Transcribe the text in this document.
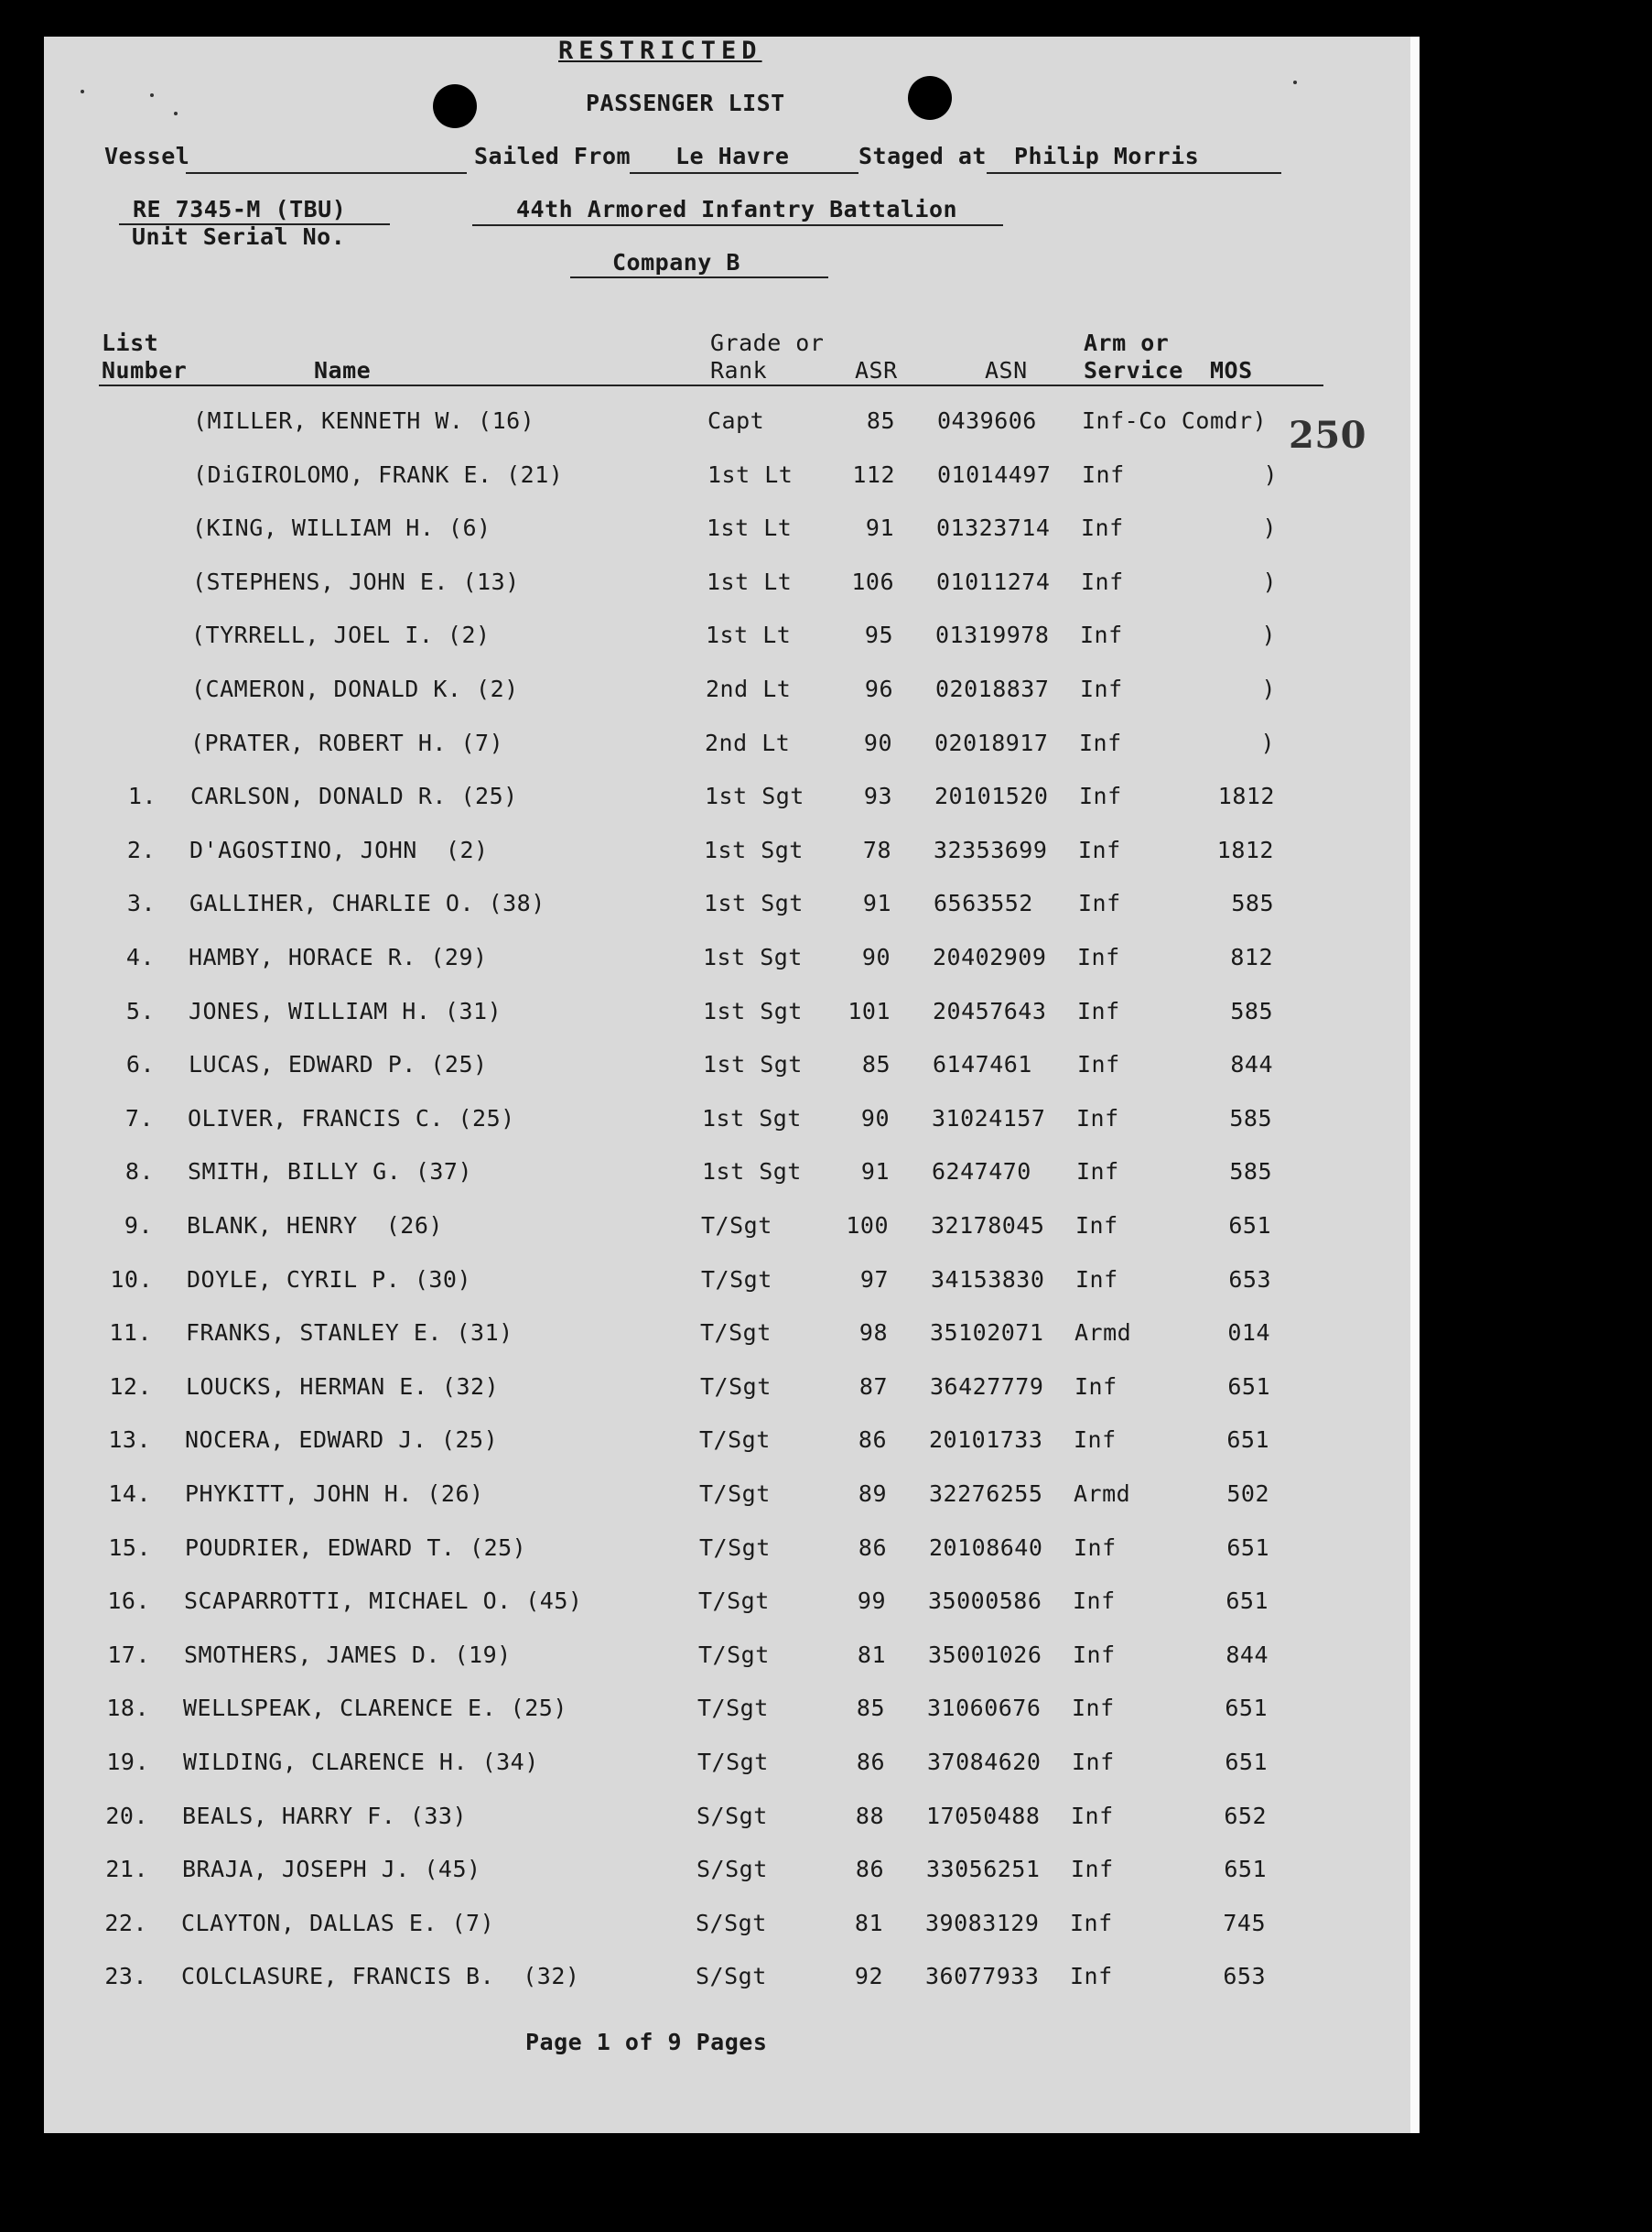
RESTRICTED
PASSENGER LIST
Vessel	Sailed From Le Havre	Staged at Philip Morris
RE 7345-M (TBU)
Unit Serial No.
44th Armored Infantry Battalion
Company B
List
Number	Name
Grade or
Rank	ASR	ASN
Arm or
Service MOS
250
(MILLER, KENNETH W. (16)	Capt	85 0439606 Inf-Co Comdr)
(DiGIROLOMO, FRANK E. (21)	1st Lt	112 01014497 Inf	)
(KING, WILLIAM H. (6)	1st Lt	91 01323714 Inf	)
(STEPHENS, JOHN E. (13)	1st Lt	106 01011274 Inf	)
(TYRRELL, JOEL I. (2)	1st Lt	95 01319978 Inf	)
(CAMERON, DONALD K. (2)	2nd Lt	96 02018837 Inf	)
(PRATER, ROBERT H. (7)	2nd Lt	90 02018917 Inf	)
1. CARLSON, DONALD R. (25)	1st Sgt	93 20101520 Inf	1812
2. D'AGOSTINO, JOHN  (2)	1st Sgt	78 32353699 Inf	1812
3. GALLIHER, CHARLIE O. (38)	1st Sgt	91 6563552 Inf	585
4. HAMBY, HORACE R. (29)	1st Sgt	90 20402909 Inf	812
5. JONES, WILLIAM H. (31)	1st Sgt	101 20457643 Inf	585
6. LUCAS, EDWARD P. (25)	1st Sgt	85 6147461 Inf	844
7. OLIVER, FRANCIS C. (25)	1st Sgt	90 31024157 Inf	585
8. SMITH, BILLY G. (37)	1st Sgt	91 6247470 Inf	585
9. BLANK, HENRY  (26)	T/Sgt	100 32178045 Inf	651
10. DOYLE, CYRIL P. (30)	T/Sgt	97 34153830 Inf	653
11. FRANKS, STANLEY E. (31)	T/Sgt	98 35102071 Armd	014
12. LOUCKS, HERMAN E. (32)	T/Sgt	87 36427779 Inf	651
13. NOCERA, EDWARD J. (25)	T/Sgt	86 20101733 Inf	651
14. PHYKITT, JOHN H. (26)	T/Sgt	89 32276255 Armd	502
15. POUDRIER, EDWARD T. (25)	T/Sgt	86 20108640 Inf	651
16. SCAPARROTTI, MICHAEL O. (45)	T/Sgt	99 35000586 Inf	651
17. SMOTHERS, JAMES D. (19)	T/Sgt	81 35001026 Inf	844
18. WELLSPEAK, CLARENCE E. (25)	T/Sgt	85 31060676 Inf	651
19. WILDING, CLARENCE H. (34)	T/Sgt	86 37084620 Inf	651
20. BEALS, HARRY F. (33)	S/Sgt	88 17050488 Inf	652
21. BRAJA, JOSEPH J. (45)	S/Sgt	86 33056251 Inf	651
22. CLAYTON, DALLAS E. (7)	S/Sgt	81 39083129 Inf	745
23. COLCLASURE, FRANCIS B.  (32)	S/Sgt	92 36077933 Inf	653
Page 1 of 9 Pages
